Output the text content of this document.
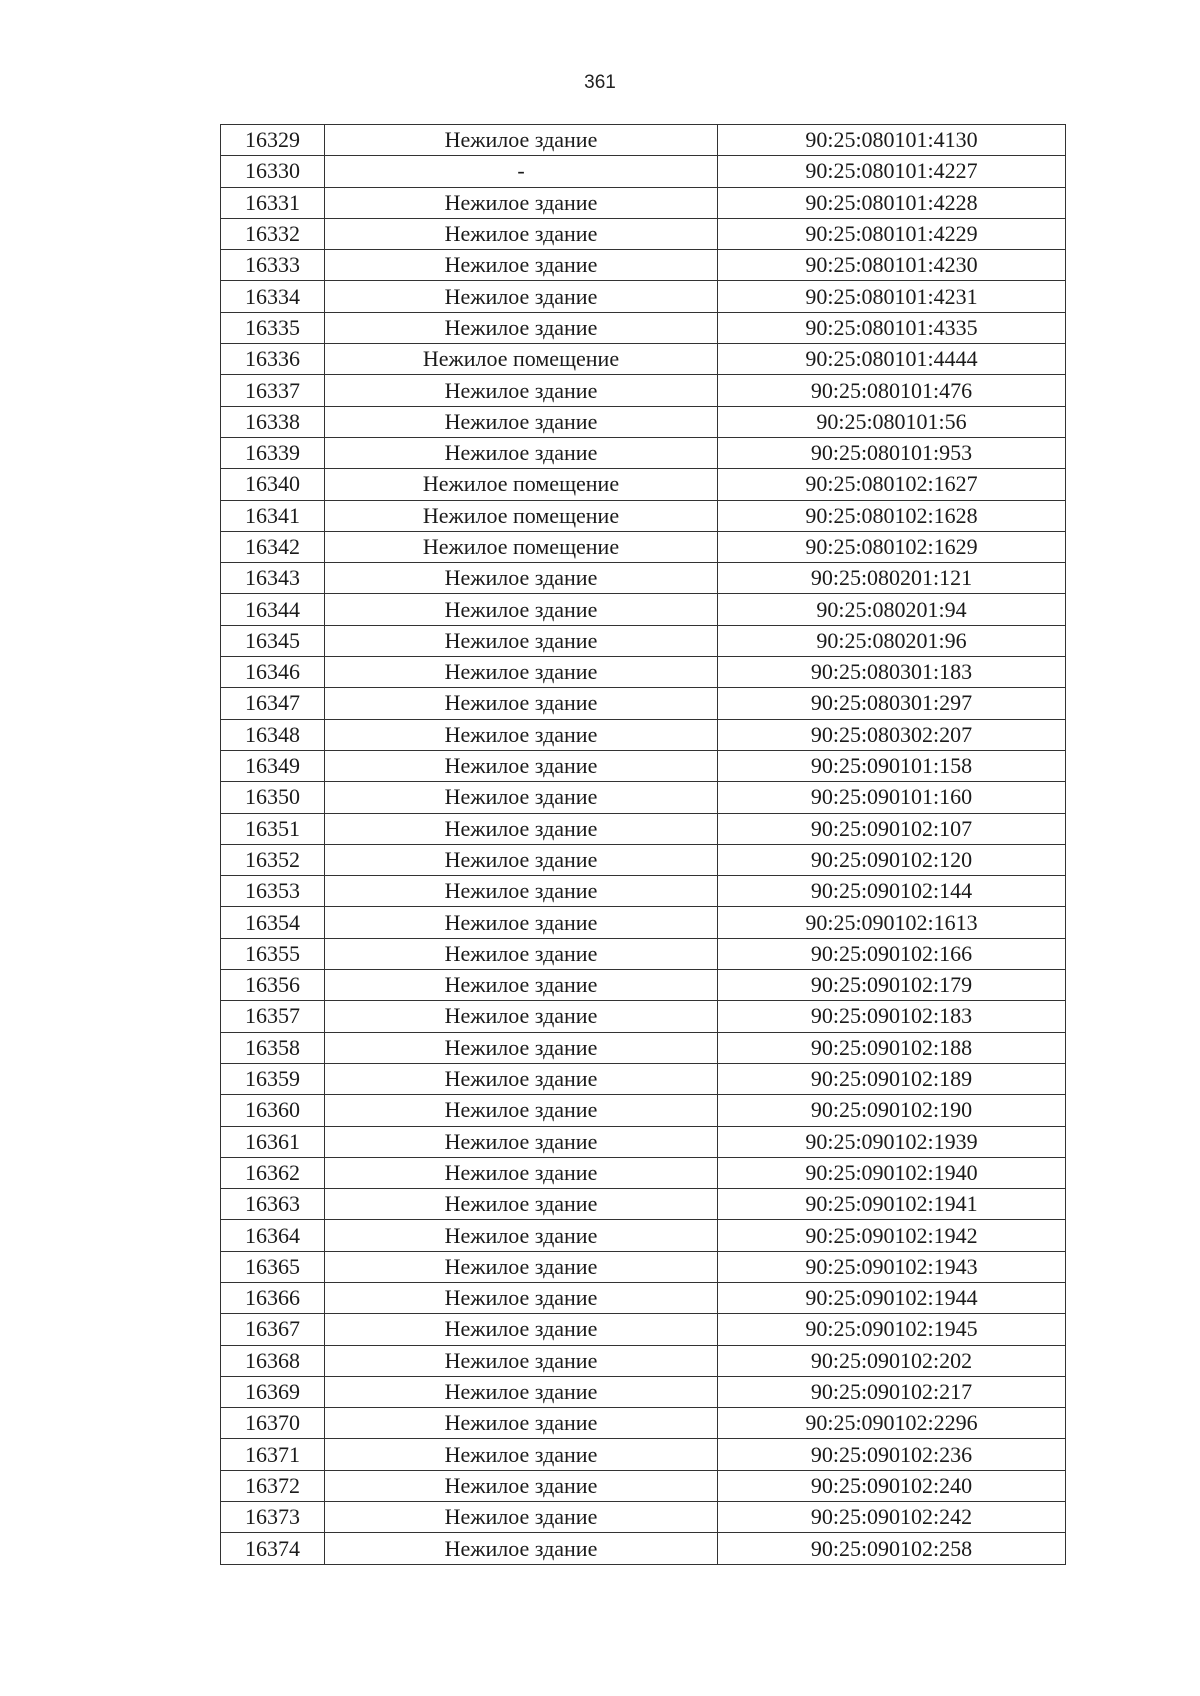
361
16329	Нежилое здание	90:25:080101:4130
16330	-	90:25:080101:4227
16331	Нежилое здание	90:25:080101:4228
16332	Нежилое здание	90:25:080101:4229
16333	Нежилое здание	90:25:080101:4230
16334	Нежилое здание	90:25:080101:4231
16335	Нежилое здание	90:25:080101:4335
16336	Нежилое помещение	90:25:080101:4444
16337	Нежилое здание	90:25:080101:476
16338	Нежилое здание	90:25:080101:56
16339	Нежилое здание	90:25:080101:953
16340	Нежилое помещение	90:25:080102:1627
16341	Нежилое помещение	90:25:080102:1628
16342	Нежилое помещение	90:25:080102:1629
16343	Нежилое здание	90:25:080201:121
16344	Нежилое здание	90:25:080201:94
16345	Нежилое здание	90:25:080201:96
16346	Нежилое здание	90:25:080301:183
16347	Нежилое здание	90:25:080301:297
16348	Нежилое здание	90:25:080302:207
16349	Нежилое здание	90:25:090101:158
16350	Нежилое здание	90:25:090101:160
16351	Нежилое здание	90:25:090102:107
16352	Нежилое здание	90:25:090102:120
16353	Нежилое здание	90:25:090102:144
16354	Нежилое здание	90:25:090102:1613
16355	Нежилое здание	90:25:090102:166
16356	Нежилое здание	90:25:090102:179
16357	Нежилое здание	90:25:090102:183
16358	Нежилое здание	90:25:090102:188
16359	Нежилое здание	90:25:090102:189
16360	Нежилое здание	90:25:090102:190
16361	Нежилое здание	90:25:090102:1939
16362	Нежилое здание	90:25:090102:1940
16363	Нежилое здание	90:25:090102:1941
16364	Нежилое здание	90:25:090102:1942
16365	Нежилое здание	90:25:090102:1943
16366	Нежилое здание	90:25:090102:1944
16367	Нежилое здание	90:25:090102:1945
16368	Нежилое здание	90:25:090102:202
16369	Нежилое здание	90:25:090102:217
16370	Нежилое здание	90:25:090102:2296
16371	Нежилое здание	90:25:090102:236
16372	Нежилое здание	90:25:090102:240
16373	Нежилое здание	90:25:090102:242
16374	Нежилое здание	90:25:090102:258
